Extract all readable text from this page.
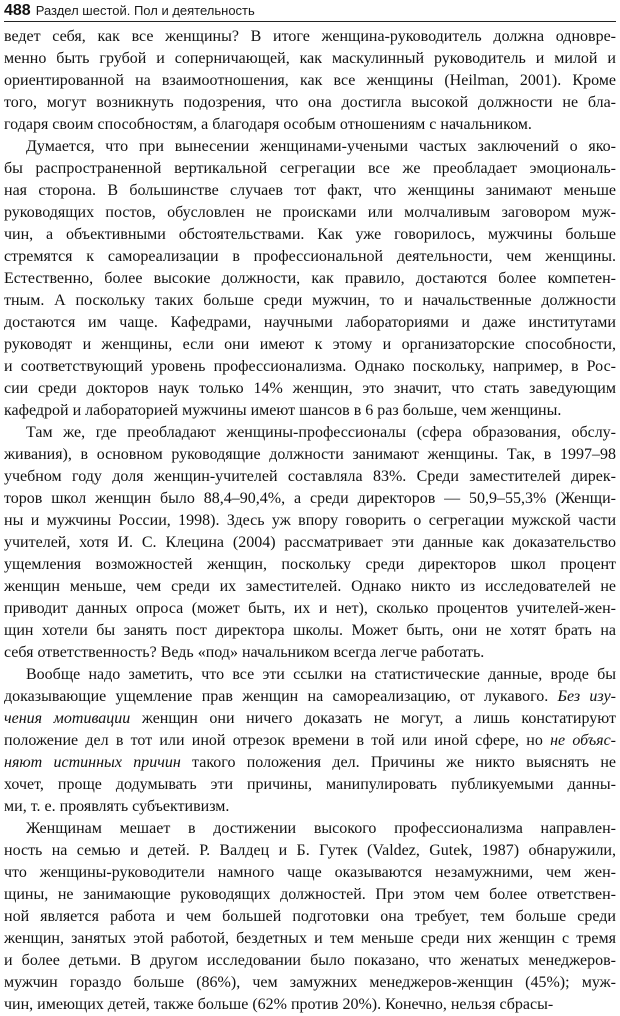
488 Раздел шестой. Пол и деятельность
ведет себя, как все женщины? В итоге женщина-руководитель должна одновре-
менно быть грубой и соперничающей, как маскулинный руководитель и милой и
ориентированной на взаимоотношения, как все женщины (Heilman, 2001). Кроме
того, могут возникнуть подозрения, что она достигла высокой должности не бла-
годаря своим способностям, а благодаря особым отношениям с начальником.
Думается, что при вынесении женщинами-учеными частых заключений о яко-
бы распространенной вертикальной сегрегации все же преобладает эмоциональ-
ная сторона. В большинстве случаев тот факт, что женщины занимают меньше
руководящих постов, обусловлен не происками или молчаливым заговором муж-
чин, а объективными обстоятельствами. Как уже говорилось, мужчины больше
стремятся к самореализации в профессиональной деятельности, чем женщины.
Естественно, более высокие должности, как правило, достаются более компетен-
тным. А поскольку таких больше среди мужчин, то и начальственные должности
достаются им чаще. Кафедрами, научными лабораториями и даже институтами
руководят и женщины, если они имеют к этому и организаторские способности,
и соответствующий уровень профессионализма. Однако поскольку, например, в Рос-
сии среди докторов наук только 14% женщин, это значит, что стать заведующим
кафедрой и лабораторией мужчины имеют шансов в 6 раз больше, чем женщины.
Там же, где преобладают женщины-профессионалы (сфера образования, обслу-
живания), в основном руководящие должности занимают женщины. Так, в 1997–98
учебном году доля женщин-учителей составляла 83%. Среди заместителей дирек-
торов школ женщин было 88,4–90,4%, а среди директоров — 50,9–55,3% (Женщи-
ны и мужчины России, 1998). Здесь уж впору говорить о сегрегации мужской части
учителей, хотя И. С. Клецина (2004) рассматривает эти данные как доказательство
ущемления возможностей женщин, поскольку среди директоров школ процент
женщин меньше, чем среди их заместителей. Однако никто из исследователей не
приводит данных опроса (может быть, их и нет), сколько процентов учителей-жен-
щин хотели бы занять пост директора школы. Может быть, они не хотят брать на
себя ответственность? Ведь «под» начальником всегда легче работать.
Вообще надо заметить, что все эти ссылки на статистические данные, вроде бы
доказывающие ущемление прав женщин на самореализацию, от лукавого. Без изу-
чения мотивации женщин они ничего доказать не могут, а лишь констатируют
положение дел в тот или иной отрезок времени в той или иной сфере, но не объяс-
няют истинных причин такого положения дел. Причины же никто выяснять не
хочет, проще додумывать эти причины, манипулировать публикуемыми данны-
ми, т. е. проявлять субъективизм.
Женщинам мешает в достижении высокого профессионализма направлен-
ность на семью и детей. Р. Валдец и Б. Гутек (Valdez, Gutek, 1987) обнаружили,
что женщины-руководители намного чаще оказываются незамужними, чем жен-
щины, не занимающие руководящих должностей. При этом чем более ответствен-
ной является работа и чем большей подготовки она требует, тем больше среди
женщин, занятых этой работой, бездетных и тем меньше среди них женщин с тремя
и более детьми. В другом исследовании было показано, что женатых менеджеров-
мужчин гораздо больше (86%), чем замужних менеджеров-женщин (45%); муж-
чин, имеющих детей, также больше (62% против 20%). Конечно, нельзя сбрасы-
